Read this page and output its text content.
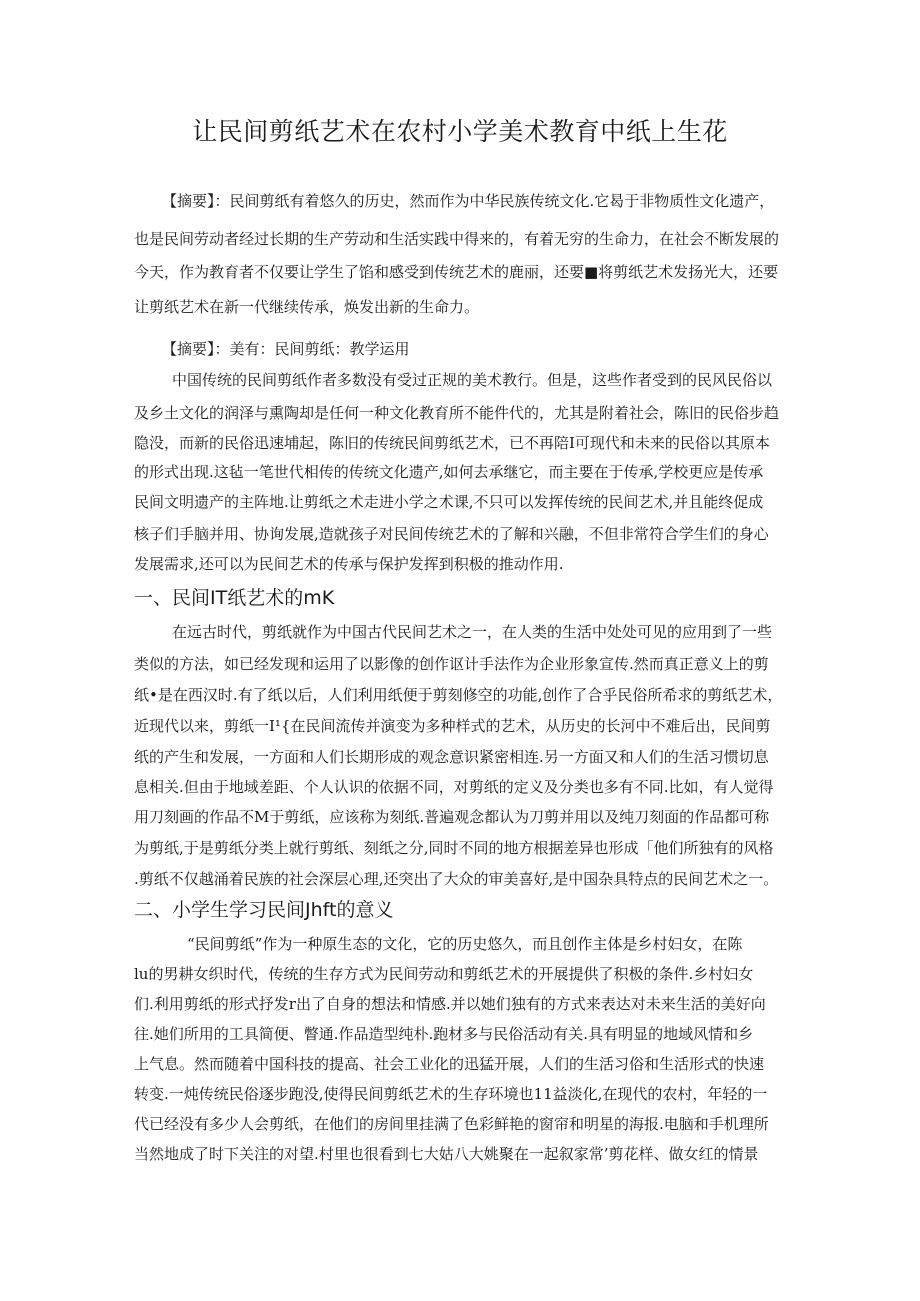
让民间剪纸艺术在农村小学美术教育中纸上生花
【摘要】：民间剪纸有着悠久的历史，然而作为中华民族传统文化.它曷于非物质性文化遗产，
也是民间劳动者经过长期的生产劳动和生活实践中得来的，有着无穷的生命力，在社会不断发展的
今天，作为教育者不仅要让学生了馅和感受到传统艺术的鹿丽，还要■将剪纸艺术发扬光大，还要
让剪纸艺术在新一代继续传承，焕发出新的生命力。
【摘要】：美有：民间剪纸：教学运用
中国传统的民间剪纸作者多数没有受过正规的美术教行。但是，这些作者受到的民风民俗以
及乡土文化的润泽与熏陶却是任何一种文化教育所不能件代的，尤其是附着社会，陈旧的民俗步趋
隐没，而新的民俗迅速埔起，陈旧的传统民间剪纸艺术，已不再陪I可现代和未来的民俗以其原本
的形式出现.这毡一笔世代相传的传统文化遗产,如何去承继它，而主要在于传承,学校更应是传承
民间文明遗产的主阵地.让剪纸之术走进小学之术课,不只可以发挥传统的民间艺术,并且能终促成
核子们手脑并用、协询发展,造就孩子对民间传统艺术的了解和兴融，不但非常符合学生们的身心
发展需求,还可以为民间艺术的传承与保护发挥到积极的推动作用.
一、民间IT纸艺术的mK
在远古时代，剪纸就作为中国古代民间艺术之一，在人类的生活中处处可见的应用到了一些
类似的方法，如已经发现和运用了以影像的创作讴计手法作为企业形象宣传.然而真正意义上的剪
纸•是在西汉时.有了纸以后，人们利用纸便于剪刻修空的功能,创作了合乎民俗所希求的剪纸艺术，
近现代以来，剪纸一I¹{在民间流传并演变为多种样式的艺术，从历史的长河中不难后出，民间剪
纸的产生和发展，一方面和人们长期形成的观念意识紧密相连.另一方面又和人们的生活习惯切息
息相关.但由于地域差距、个人认识的依据不同，对剪纸的定义及分类也多有不同.比如，有人觉得
用刀刻画的作品不M于剪纸，应该称为刻纸.普遍观念都认为刀剪并用以及纯刀刻面的作品都可称
为剪纸,于是剪纸分类上就行剪纸、刻纸之分,同时不同的地方根据差异也形成「他们所独有的风格
.剪纸不仅越涌着民族的社会深层心理,还突出了大众的审美喜好,是中国杂具特点的民间艺术之一。
二、小学生学习民间Jhft的意义
“民间剪纸”作为一种原生态的文化，它的历史悠久，而且创作主体是乡村妇女，在陈
lu的男耕女织时代，传统的生存方式为民间劳动和剪纸艺术的开展提供了积极的条件.乡村妇女
们.利用剪纸的形式抒发r出了自身的想法和情感.并以她们独有的方式来表达对未来生活的美好向
往.她们所用的工具简便、瞥通.作品造型纯朴.跑材多与民俗活动有关.具有明显的地域风情和乡
上气息。然而随着中国科技的提高、社会工业化的迅猛开展，人们的生活习俗和生活形式的快速
转变.一炖传统民俗逐步跑没,使得民间剪纸艺术的生存环境也11益淡化,在现代的农村，年轻的一
代已经没有多少人会剪纸，在他们的房间里挂满了色彩鲜艳的窗帘和明星的海报.电脑和手机理所
当然地成了时下关注的对望.村里也很看到七大姑八大姚聚在一起叙家常’剪花样、做女红的情景
